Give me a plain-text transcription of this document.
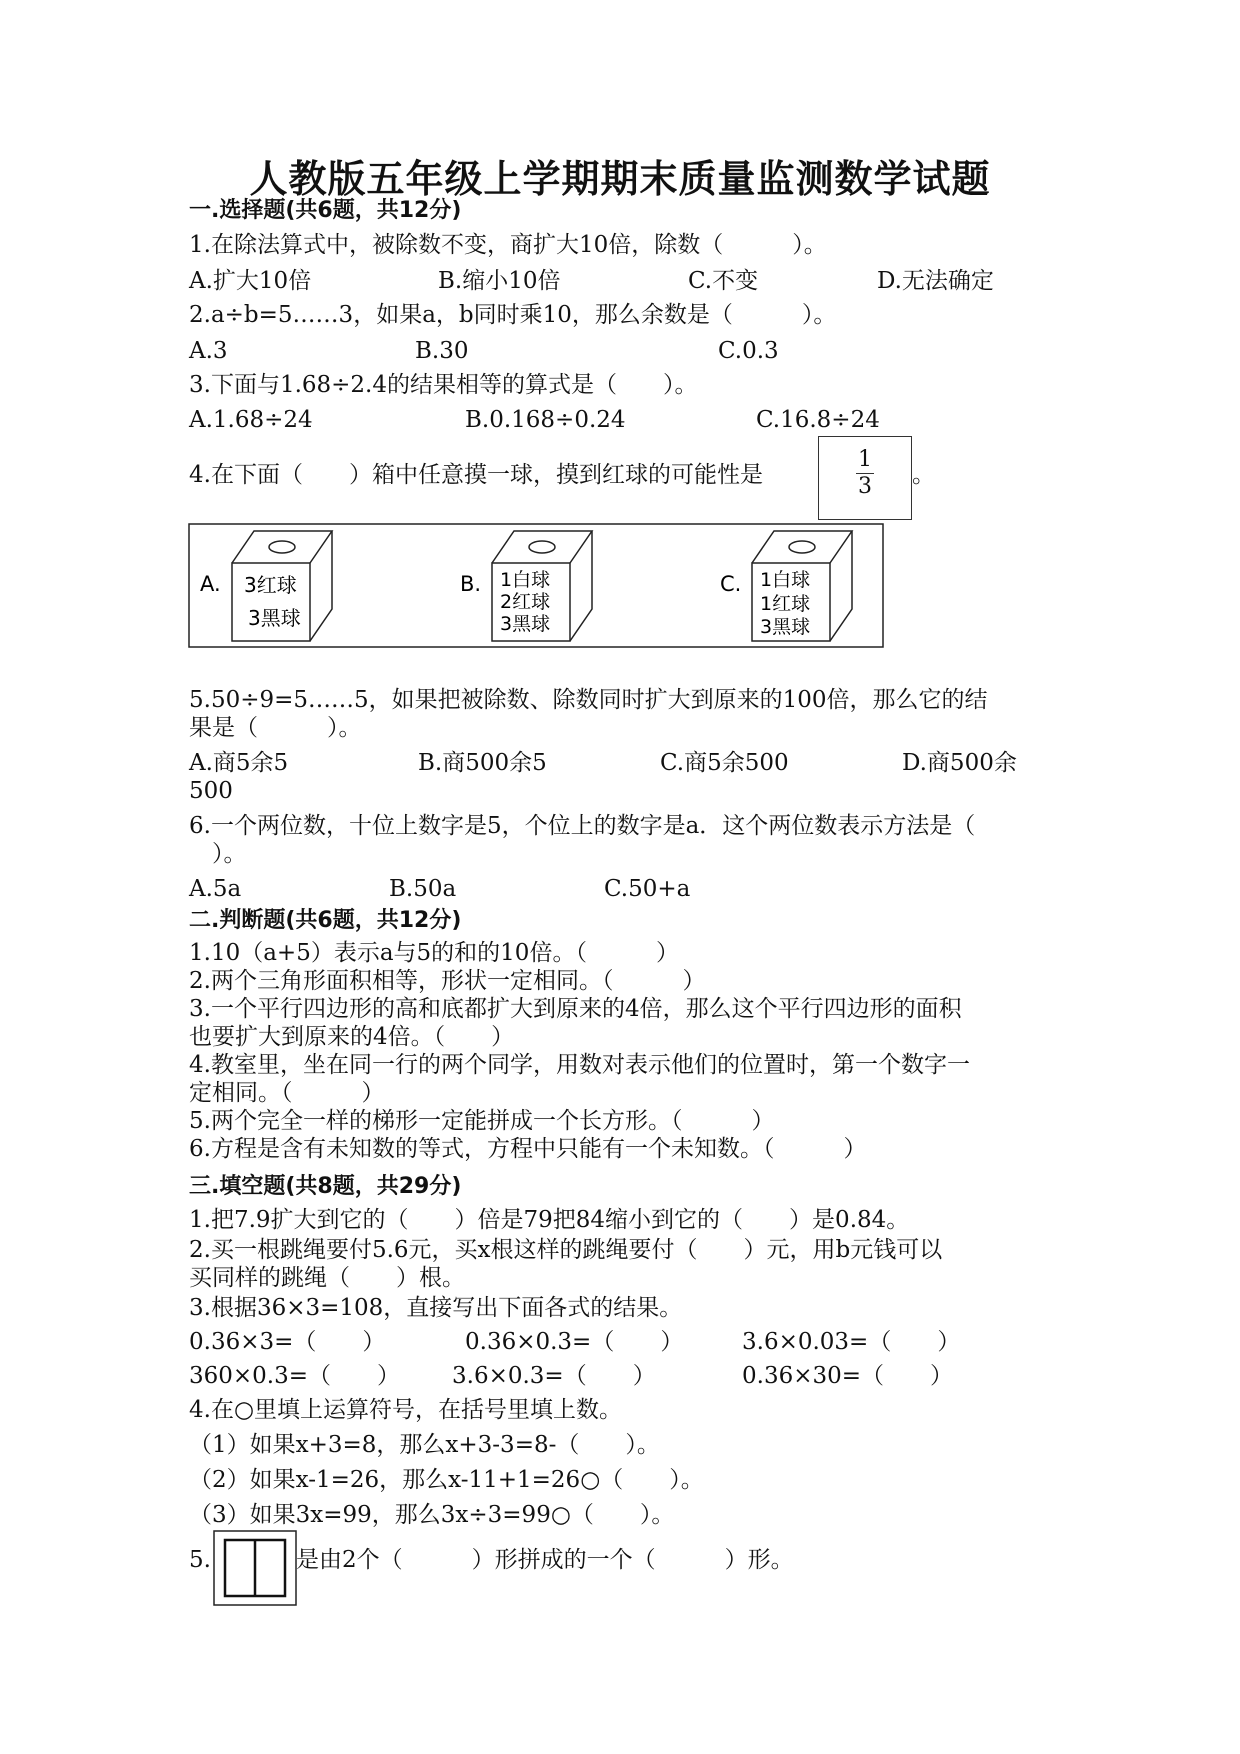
人教版五年级上学期期末质量监测数学试题
一.选择题(共6题，共12分)
1.在除法算式中，被除数不变，商扩大10倍，除数（　　　）。
A.扩大10倍	B.缩小10倍	C.不变	D.无法确定
2.a÷b=5……3，如果a，b同时乘10，那么余数是（　　　）。
A.3	B.30	C.0.3
3.下面与1.68÷2.4的结果相等的算式是（　　）。
A.1.68÷24	B.0.168÷0.24	C.16.8÷24
4.在下面（　　）箱中任意摸一球，摸到红球的可能性是
1
3	。
A. 3红球
3黑球
B. 1白球
2红球
3黑球
C. 1白球
1红球
3黑球
5.50÷9=5……5，如果把被除数、除数同时扩大到原来的100倍，那么它的结
果是（　　　）。
A.商5余5	B.商500余5	C.商5余500	D.商500余
500
6.一个两位数，十位上数字是5，个位上的数字是a．这个两位数表示方法是（
　）。
A.5a	B.50a	C.50+a
二.判断题(共6题，共12分)
1.10（a+5）表示a与5的和的10倍。（　　　）
2.两个三角形面积相等，形状一定相同。（　　　）
3.一个平行四边形的高和底都扩大到原来的4倍，那么这个平行四边形的面积
也要扩大到原来的4倍。（　　）
4.教室里，坐在同一行的两个同学，用数对表示他们的位置时，第一个数字一
定相同。（　　　）
5.两个完全一样的梯形一定能拼成一个长方形。（　　　）
6.方程是含有未知数的等式，方程中只能有一个未知数。（　　　）
三.填空题(共8题，共29分)
1.把7.9扩大到它的（　　）倍是79把84缩小到它的（　　）是0.84。
2.买一根跳绳要付5.6元，买x根这样的跳绳要付（　　）元，用b元钱可以
买同样的跳绳（　　）根。
3.根据36×3=108，直接写出下面各式的结果。
0.36×3=（　　）	0.36×0.3=（　　）	3.6×0.03=（　　）
360×0.3=（　　） 3.6×0.3=（　　）	0.36×30=（　　）
4.在○里填上运算符号，在括号里填上数。
（1）如果x+3=8，那么x+3-3=8-（　　）。
（2）如果x-1=26，那么x-11+1=26○（　　）。
（3）如果3x=99，那么3x÷3=99○（　　）。
5.	是由2个（　　　）形拼成的一个（　　　）形。
